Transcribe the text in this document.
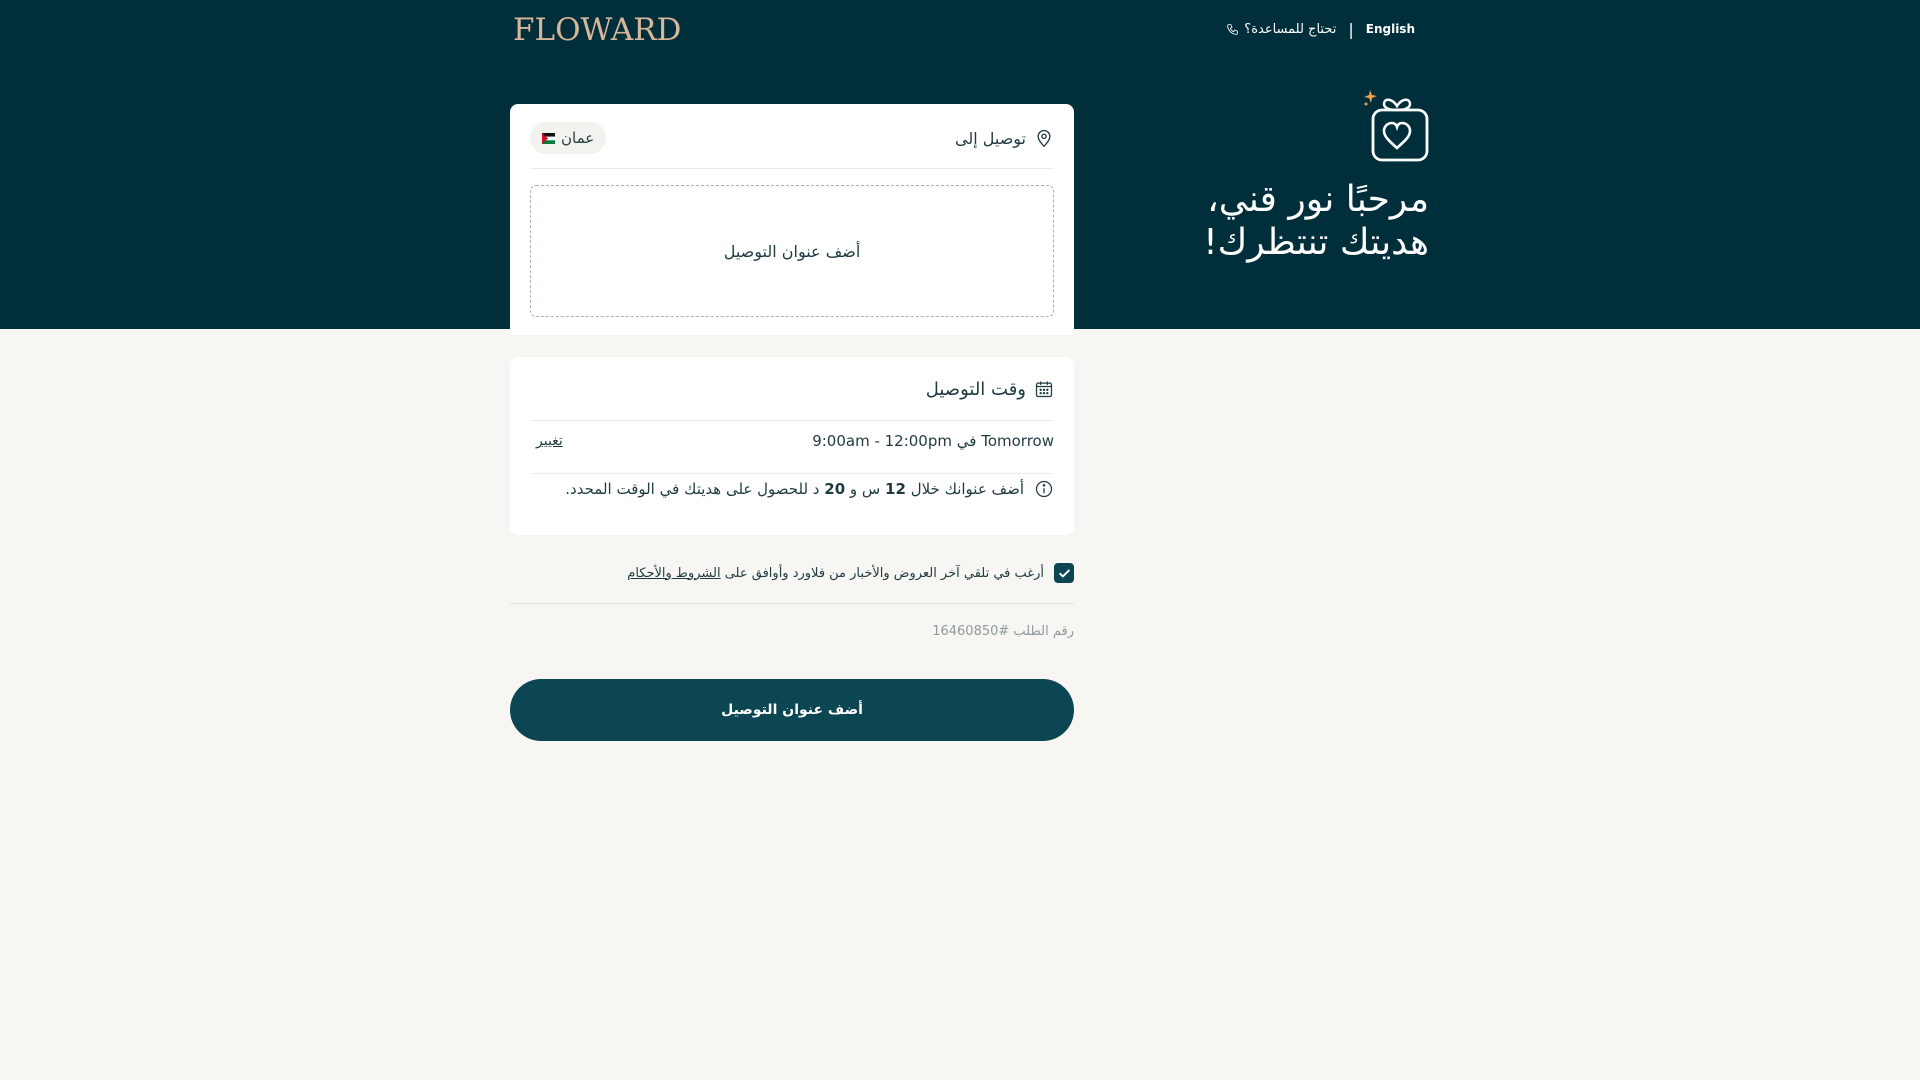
FLOWARD	English
|
تحتاج للمساعدة؟
مرحبًا نور قني،
هديتك تنتظرك!
توصيل إلى
عمان
أضف عنوان التوصيل
وقت التوصيل
Tomorrow في 9:00am - 12:00pm
تغيير
أضف عنوانك خلال 12 س و 20 د للحصول على هديتك في الوقت المحدد.
أرغب في تلقي آخر العروض والأخبار من فلاورد وأوافق على الشروط والأحكام
رقم الطلب #16460850
أضف عنوان التوصيل
